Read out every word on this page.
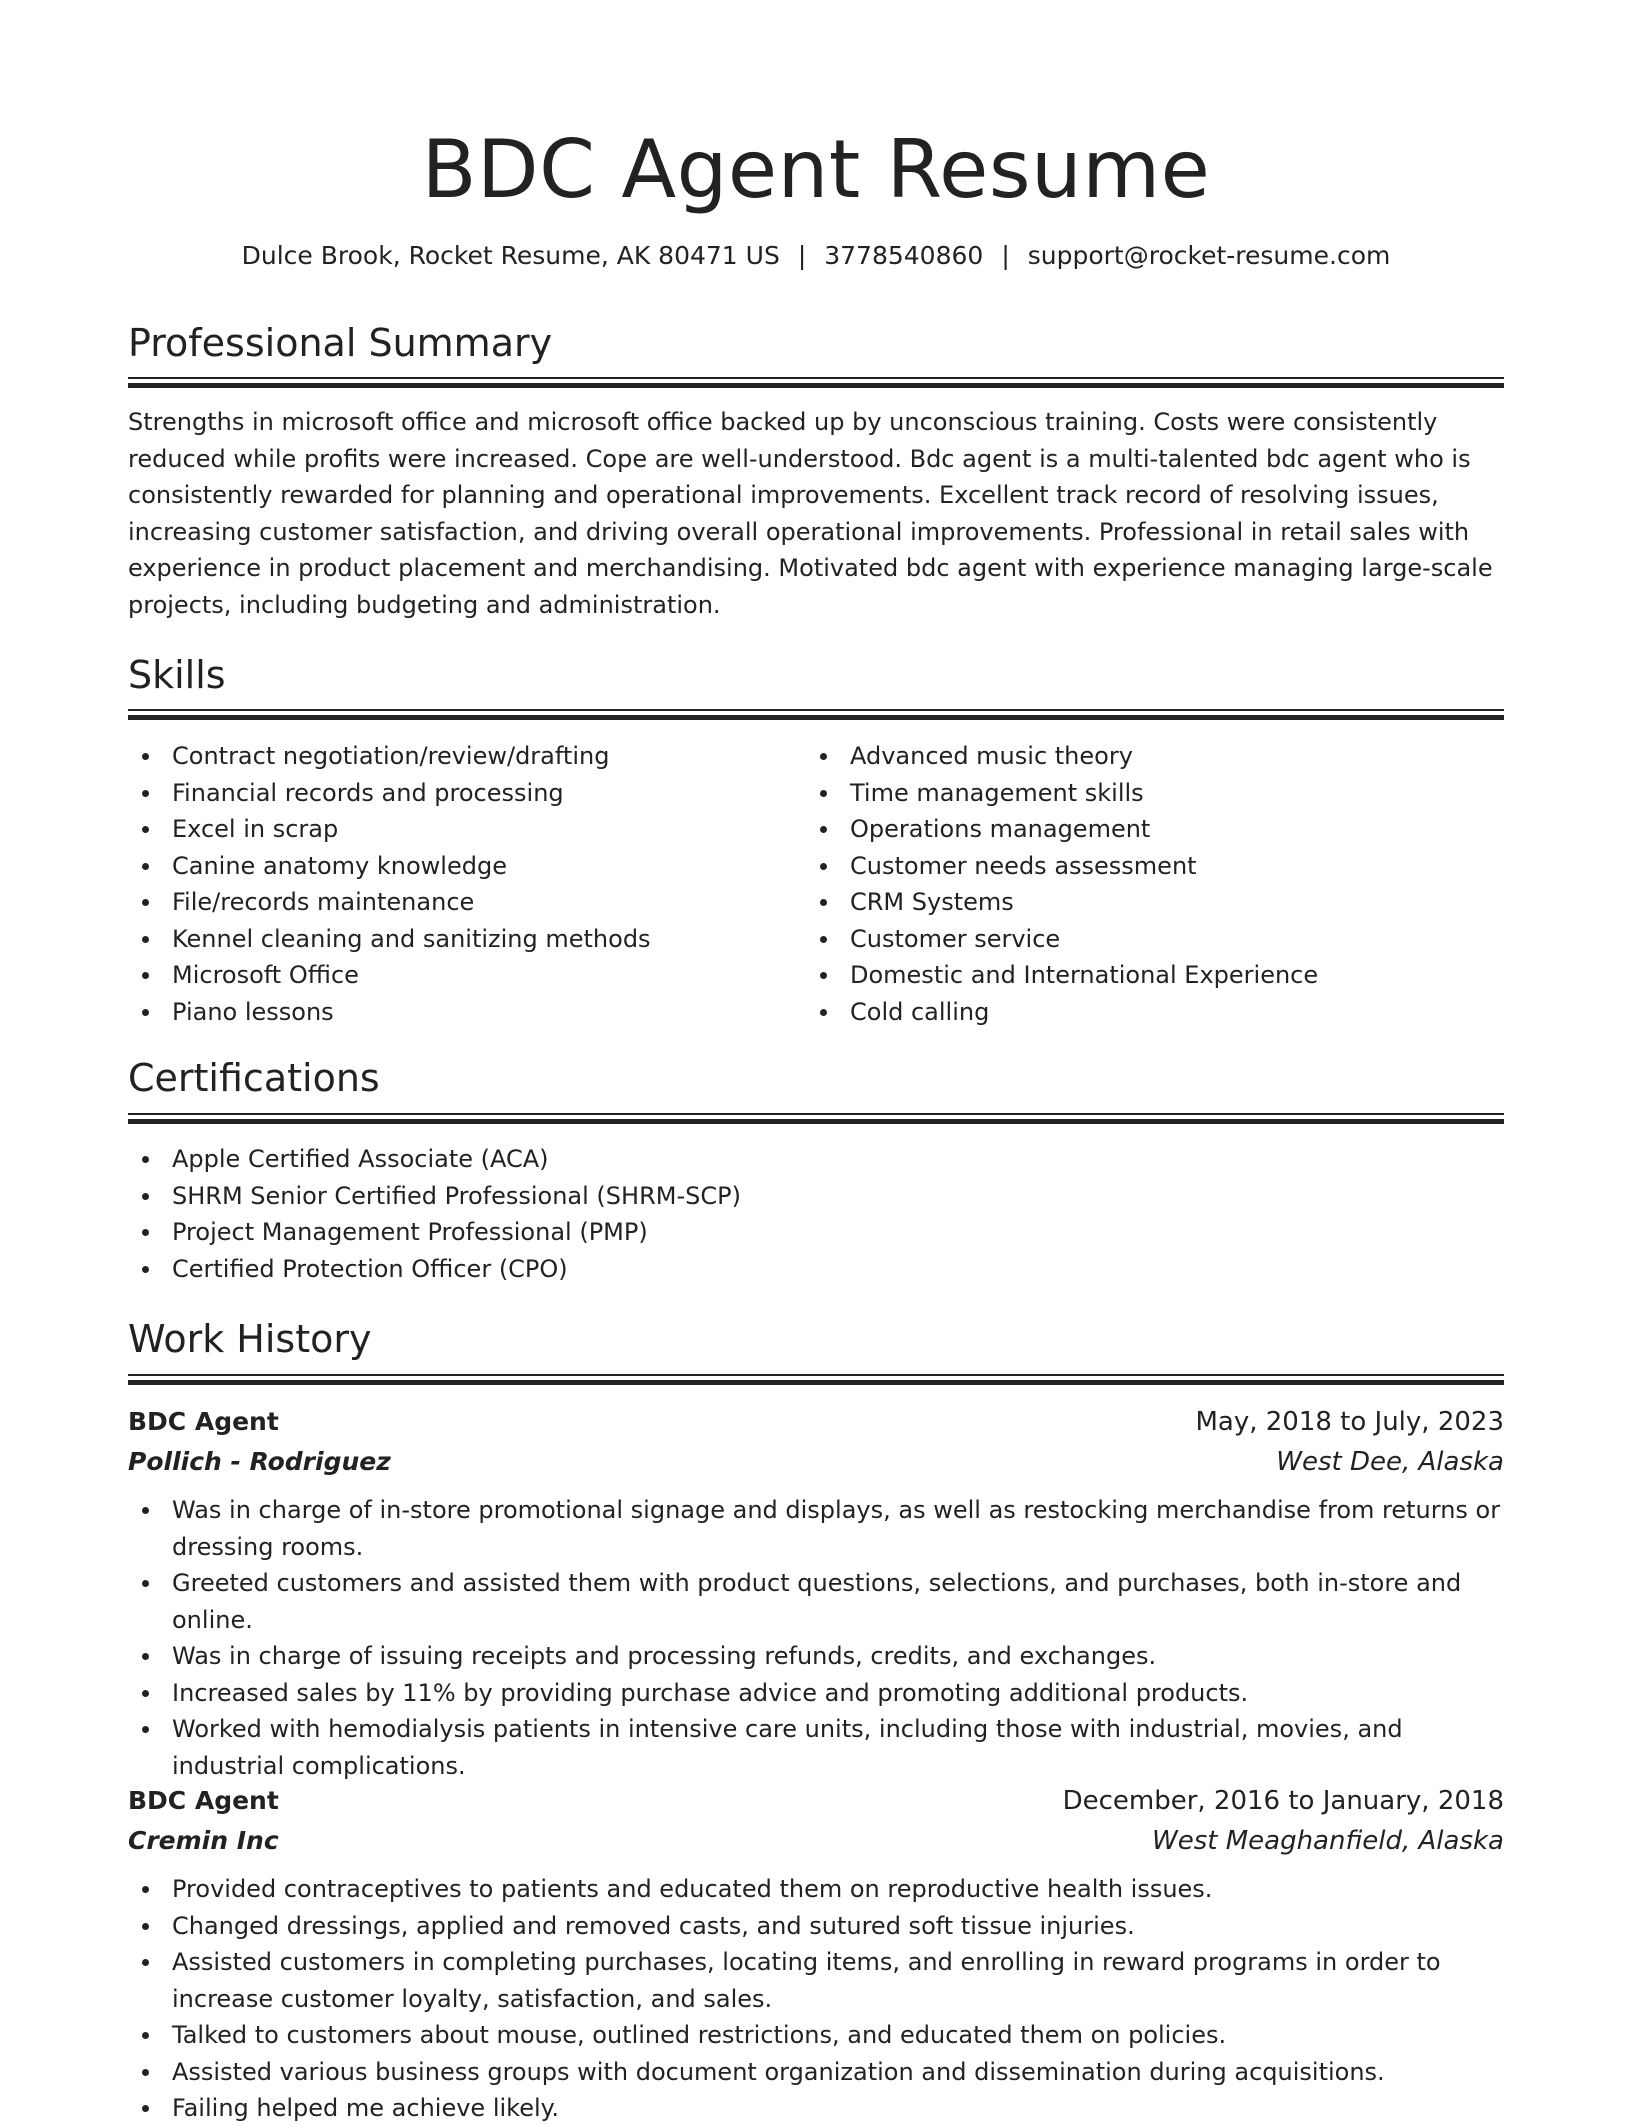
BDC Agent Resume
Dulce Brook, Rocket Resume, AK 80471 US | 3778540860 | support@rocket-resume.com
Professional Summary

Strengths in microsoft office and microsoft office backed up by unconscious training. Costs were consistently reduced while profits were increased. Cope are well-understood. Bdc agent is a multi-talented bdc agent who is consistently rewarded for planning and operational improvements. Excellent track record of resolving issues, increasing customer satisfaction, and driving overall operational improvements. Professional in retail sales with experience in product placement and merchandising. Motivated bdc agent with experience managing large-scale projects, including budgeting and administration.

Skills
Contract negotiation/review/drafting
Financial records and processing
Excel in scrap
Canine anatomy knowledge
File/records maintenance
Kennel cleaning and sanitizing methods
Microsoft Office
Piano lessons
Advanced music theory
Time management skills
Operations management
Customer needs assessment
CRM Systems
Customer service
Domestic and International Experience
Cold calling
Certifications
Apple Certified Associate (ACA)
SHRM Senior Certified Professional (SHRM-SCP)
Project Management Professional (PMP)
Certified Protection Officer (CPO)
Work History
BDC Agent	May, 2018 to July, 2023
Pollich - Rodriguez	West Dee, Alaska
Was in charge of in-store promotional signage and displays, as well as restocking merchandise from returns or dressing rooms.
Greeted customers and assisted them with product questions, selections, and purchases, both in-store and online.
Was in charge of issuing receipts and processing refunds, credits, and exchanges.
Increased sales by 11% by providing purchase advice and promoting additional products.
Worked with hemodialysis patients in intensive care units, including those with industrial, movies, and industrial complications.
BDC Agent	December, 2016 to January, 2018
Cremin Inc	West Meaghanfield, Alaska
Provided contraceptives to patients and educated them on reproductive health issues.
Changed dressings, applied and removed casts, and sutured soft tissue injuries.
Assisted customers in completing purchases, locating items, and enrolling in reward programs in order to increase customer loyalty, satisfaction, and sales.
Talked to customers about mouse, outlined restrictions, and educated them on policies.
Assisted various business groups with document organization and dissemination during acquisitions.
Failing helped me achieve likely.
